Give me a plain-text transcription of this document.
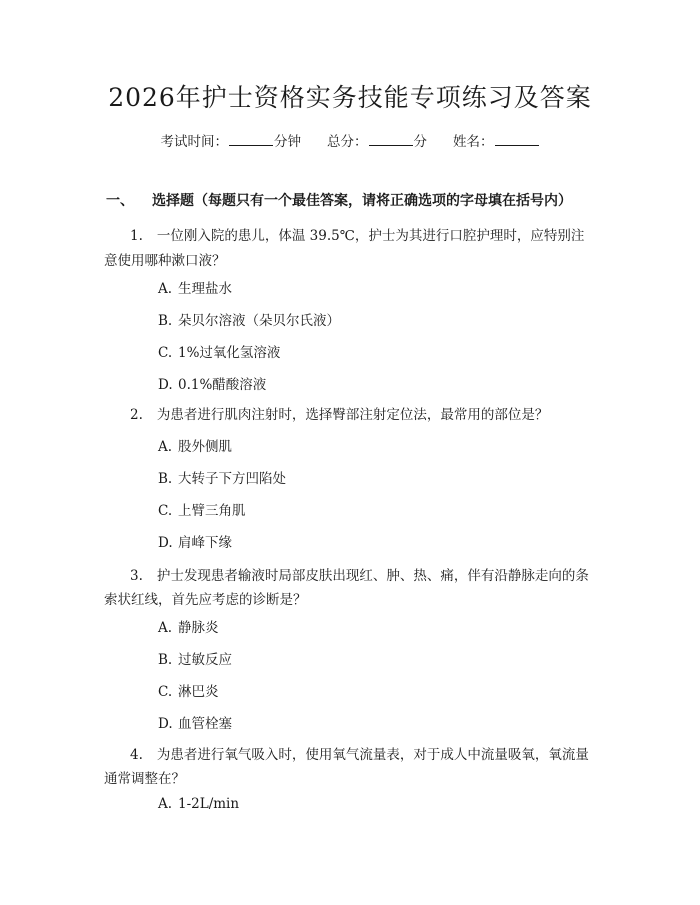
2026年护士资格实务技能专项练习及答案
考试时间：	分钟 总分：	分 姓名：
一、 选择题（每题只有一个最佳答案，请将正确选项的字母填在括号内）
1. 一位刚入院的患儿，体温 39.5℃，护士为其进行口腔护理时，应特别注
意使用哪种漱口液？
A. 生理盐水
B. 朵贝尔溶液（朵贝尔氏液）
C. 1%过氧化氢溶液
D. 0.1%醋酸溶液
2. 为患者进行肌肉注射时，选择臀部注射定位法，最常用的部位是？
A. 股外侧肌
B. 大转子下方凹陷处
C. 上臂三角肌
D. 肩峰下缘
3. 护士发现患者输液时局部皮肤出现红、肿、热、痛，伴有沿静脉走向的条
索状红线，首先应考虑的诊断是？
A. 静脉炎
B. 过敏反应
C. 淋巴炎
D. 血管栓塞
4. 为患者进行氧气吸入时，使用氧气流量表，对于成人中流量吸氧，氧流量
通常调整在？
A. 1-2L/min
